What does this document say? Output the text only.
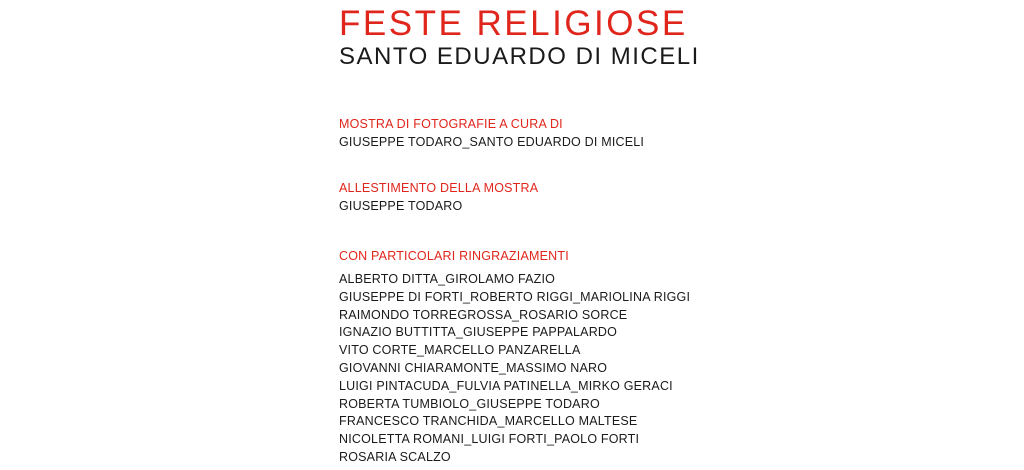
FESTE RELIGIOSE
SANTO EDUARDO DI MICELI
MOSTRA DI FOTOGRAFIE A CURA DI
GIUSEPPE TODARO_SANTO EDUARDO DI MICELI
ALLESTIMENTO DELLA MOSTRA
GIUSEPPE TODARO
CON PARTICOLARI RINGRAZIAMENTI
ALBERTO DITTA_GIROLAMO FAZIO
GIUSEPPE DI FORTI_ROBERTO RIGGI_MARIOLINA RIGGI
RAIMONDO TORREGROSSA_ROSARIO SORCE
IGNAZIO BUTTITTA_GIUSEPPE PAPPALARDO
VITO CORTE_MARCELLO PANZARELLA
GIOVANNI CHIARAMONTE_MASSIMO NARO
LUIGI PINTACUDA_FULVIA PATINELLA_MIRKO GERACI
ROBERTA TUMBIOLO_GIUSEPPE TODARO
FRANCESCO TRANCHIDA_MARCELLO MALTESE
NICOLETTA ROMANI_LUIGI FORTI_PAOLO FORTI
ROSARIA SCALZO
